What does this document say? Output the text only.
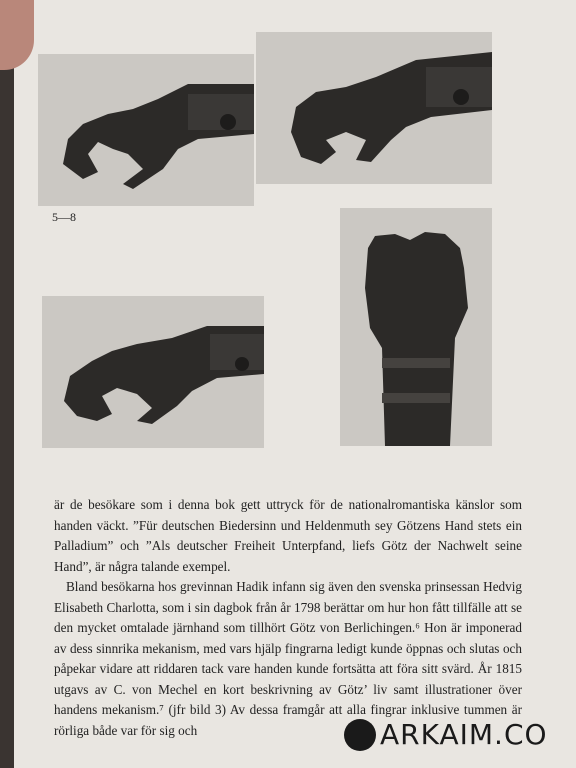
5—8

är de besökare som i denna bok gett uttryck för de nationalromantiska känslor som handen väckt. ”Für deutschen Biedersinn und Heldenmuth sey Götzens Hand stets ein Palladium” och ”Als deutscher Freiheit Unterpfand, liefs Götz der Nachwelt seine Hand”, är några talande exempel.

Bland besökarna hos grevinnan Hadik infann sig även den svenska prinsessan Hedvig Elisabeth Charlotta, som i sin dagbok från år 1798 berättar om hur hon fått tillfälle att se den mycket omtalade järnhand som tillhört Götz von Berlichingen.⁶ Hon är imponerad av dess sinnrika mekanism, med vars hjälp fingrarna ledigt kunde öppnas och slutas och påpekar vidare att riddaren tack vare handen kunde fortsätta att föra sitt svärd. År 1815 utgavs av C. von Mechel en kort beskrivning av Götz’ liv samt illustrationer över handens mekanism.⁷ (jfr bild 3) Av dessa framgår att alla fingrar inklusive tummen är rörliga både var för sig och	ARKAIM.CO
